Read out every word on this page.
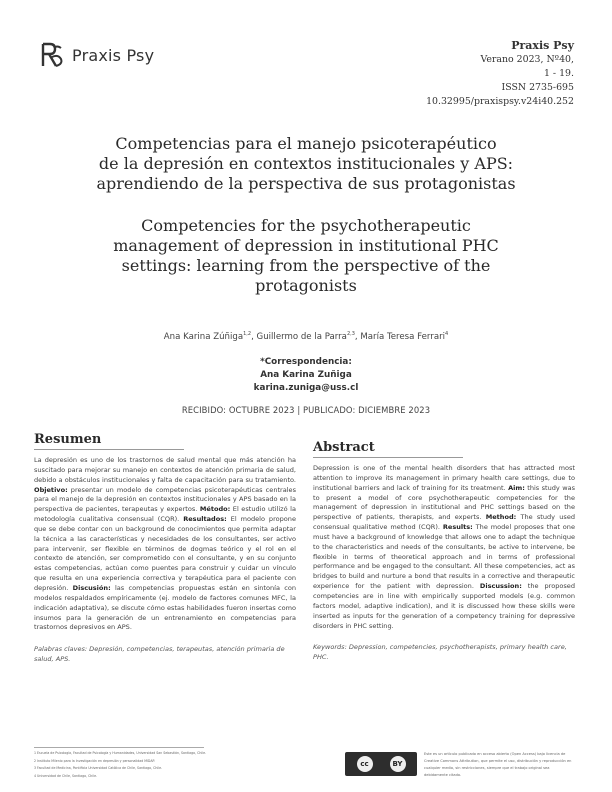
Praxis Psy	Praxis Psy
Verano 2023, Nº40,
1 - 19.
ISSN 2735-695
10.32995/praxispsy.v24i40.252
Competencias para el manejo psicoterapéutico
de la depresión en contextos institucionales y APS:
aprendiendo de la perspectiva de sus protagonistas
Competencies for the psychotherapeutic
management of depression in institutional PHC
settings: learning from the perspective of the
protagonists
Ana Karina Zúñiga$^{1,2}$, Guillermo de la Parra$^{2,3}$, María Teresa Ferrari$^4$
*Correspondencia:
Ana Karina Zuñiga
karina.zuniga@uss.cl
RECIBIDO: OCTUBRE 2023 | PUBLICADO: DICIEMBRE 2023
Resumen
La depresión es uno de los trastornos de salud mental que más atención ha suscitado para mejorar su manejo en contextos de atención primaria de salud, debido a obstáculos institucionales y falta de capacitación para su tratamiento. Objetivo: presentar un modelo de competencias psicoterapéuticas centrales para el manejo de la depresión en contextos institucionales y APS basado en la perspectiva de pacientes, terapeutas y expertos. Método: El estudio utilizó la metodología cualitativa consensual (CQR). Resultados: El modelo propone que se debe contar con un background de conocimientos que permita adaptar la técnica a las características y necesidades de los consultantes, ser activo para intervenir, ser flexible en términos de dogmas teórico y el rol en el contexto de atención, ser comprometido con el consultante, y en su conjunto estas competencias, actúan como puentes para construir y cuidar un vínculo que resulta en una experiencia correctiva y terapéutica para el paciente con depresión. Discusión: las competencias propuestas están en sintonía con modelos respaldados empíricamente (ej. modelo de factores comunes MFC, la indicación adaptativa), se discute cómo estas habilidades fueron insertas como insumos para la generación de un entrenamiento en competencias para trastornos depresivos en APS.
Palabras claves: Depresión, competencias, terapeutas, atención primaria de salud, APS.
Abstract
Depression is one of the mental health disorders that has attracted most attention to improve its management in primary health care settings, due to institutional barriers and lack of training for its treatment. Aim: this study was to present a model of core psychotherapeutic competencies for the management of depression in institutional and PHC settings based on the perspective of patients, therapists, and experts. Method: The study used consensual qualitative method (CQR). Results: The model proposes that one must have a background of knowledge that allows one to adapt the technique to the characteristics and needs of the consultants, be active to intervene, be flexible in terms of theoretical approach and in terms of professional performance and be engaged to the consultant. All these competencies, act as bridges to build and nurture a bond that results in a corrective and therapeutic experience for the patient with depression. Discussion: the proposed competencies are in line with empirically supported models (e.g. common factors model, adaptive indication), and it is discussed how these skills were inserted as inputs for the generation of a competency training for depressive disorders in PHC setting.
Keywords: Depression, competencies, psychotherapists, primary health care, PHC.
1 Escuela de Psicología, Facultad de Psicología y Humanidades, Universidad San Sebastián, Santiago, Chile.
2 Instituto Milenio para la Investigación en depresión y personalidad MIDAP.
3 Facultad de Medicina, Pontificia Universidad Católica de Chile, Santiago, Chile.
4 Universidad de Chile, Santiago, Chile.
cc	BY
Este es un artículo publicado en acceso abierto (Open Access) bajo licencia de Creative Commons Attribution, que permite el uso, distribución y reproducción en cualquier medio, sin restricciones, siempre que el trabajo original sea debidamente citado.
